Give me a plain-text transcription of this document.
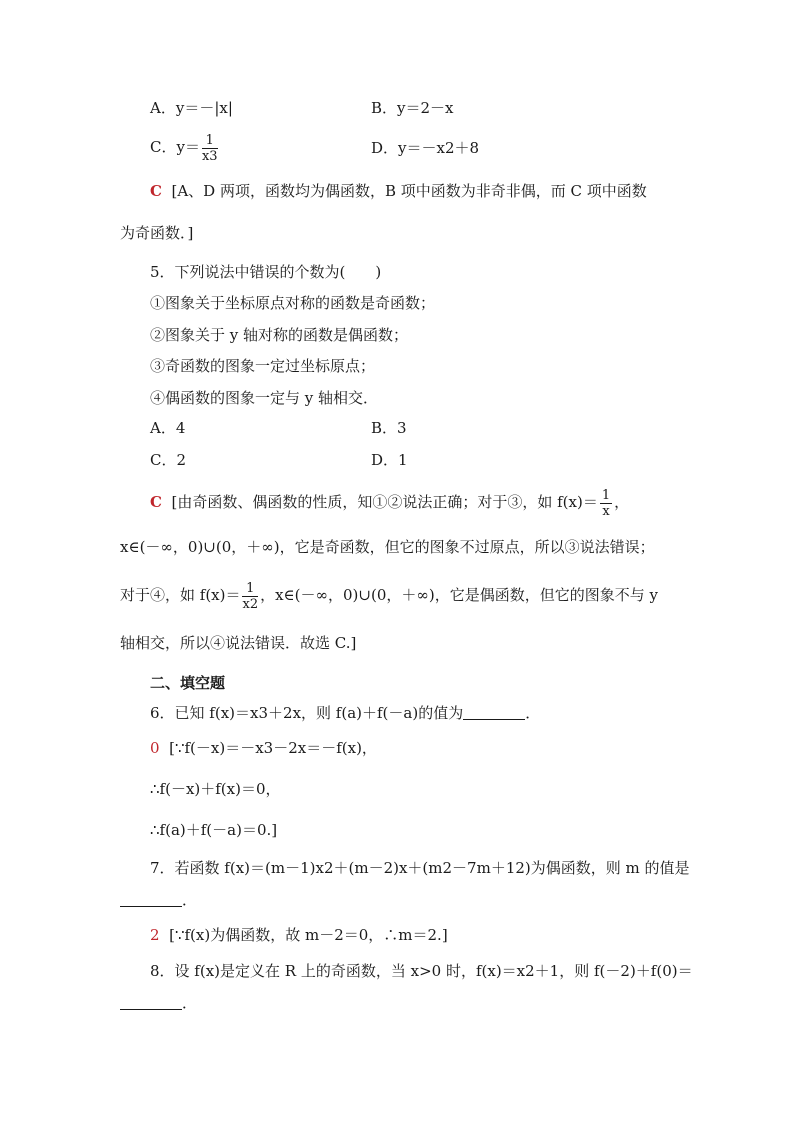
A．y＝－|x|	B．y＝2－x
C．$y= \frac{1}{x3}$	D．y＝－x2＋8
C [A、D 两项，函数均为偶函数，B 项中函数为非奇非偶，而 C 项中函数
为奇函数．]
5．下列说法中错误的个数为(　　)
①图象关于坐标原点对称的函数是奇函数；
②图象关于 y 轴对称的函数是偶函数；
③奇函数的图象一定过坐标原点；
④偶函数的图象一定与 y 轴相交．
A．4	B．3
C．2	D．1
C [由奇函数、偶函数的性质，知①②说法正确；对于③，如 $f(x)= \frac{1}{x}$ ，
x∈(－∞，0)∪(0，＋∞)，它是奇函数，但它的图象不过原点，所以③说法错误；
对于④，如 $f(x)= \frac{1}{x2}$ ，x∈(－∞，0)∪(0，＋∞)，它是偶函数，但它的图象不与 y
轴相交，所以④说法错误．故选 C.]
二、填空题
6．已知 f(x)＝x3＋2x，则 f(a)＋f(－a)的值为	．
0 [∵f(－x)＝－x3－2x＝－f(x)，
∴f(－x)＋f(x)＝0，
∴f(a)＋f(－a)＝0.]
7．若函数 f(x)＝(m－1)x2＋(m－2)x＋(m2－7m＋12)为偶函数，则 m 的值是
．
2 [∵f(x)为偶函数，故 m－2＝0，∴m＝2.]
8．设 f(x)是定义在 R 上的奇函数，当 x>0 时，f(x)＝x2＋1，则 f(－2)＋f(0)＝
．
